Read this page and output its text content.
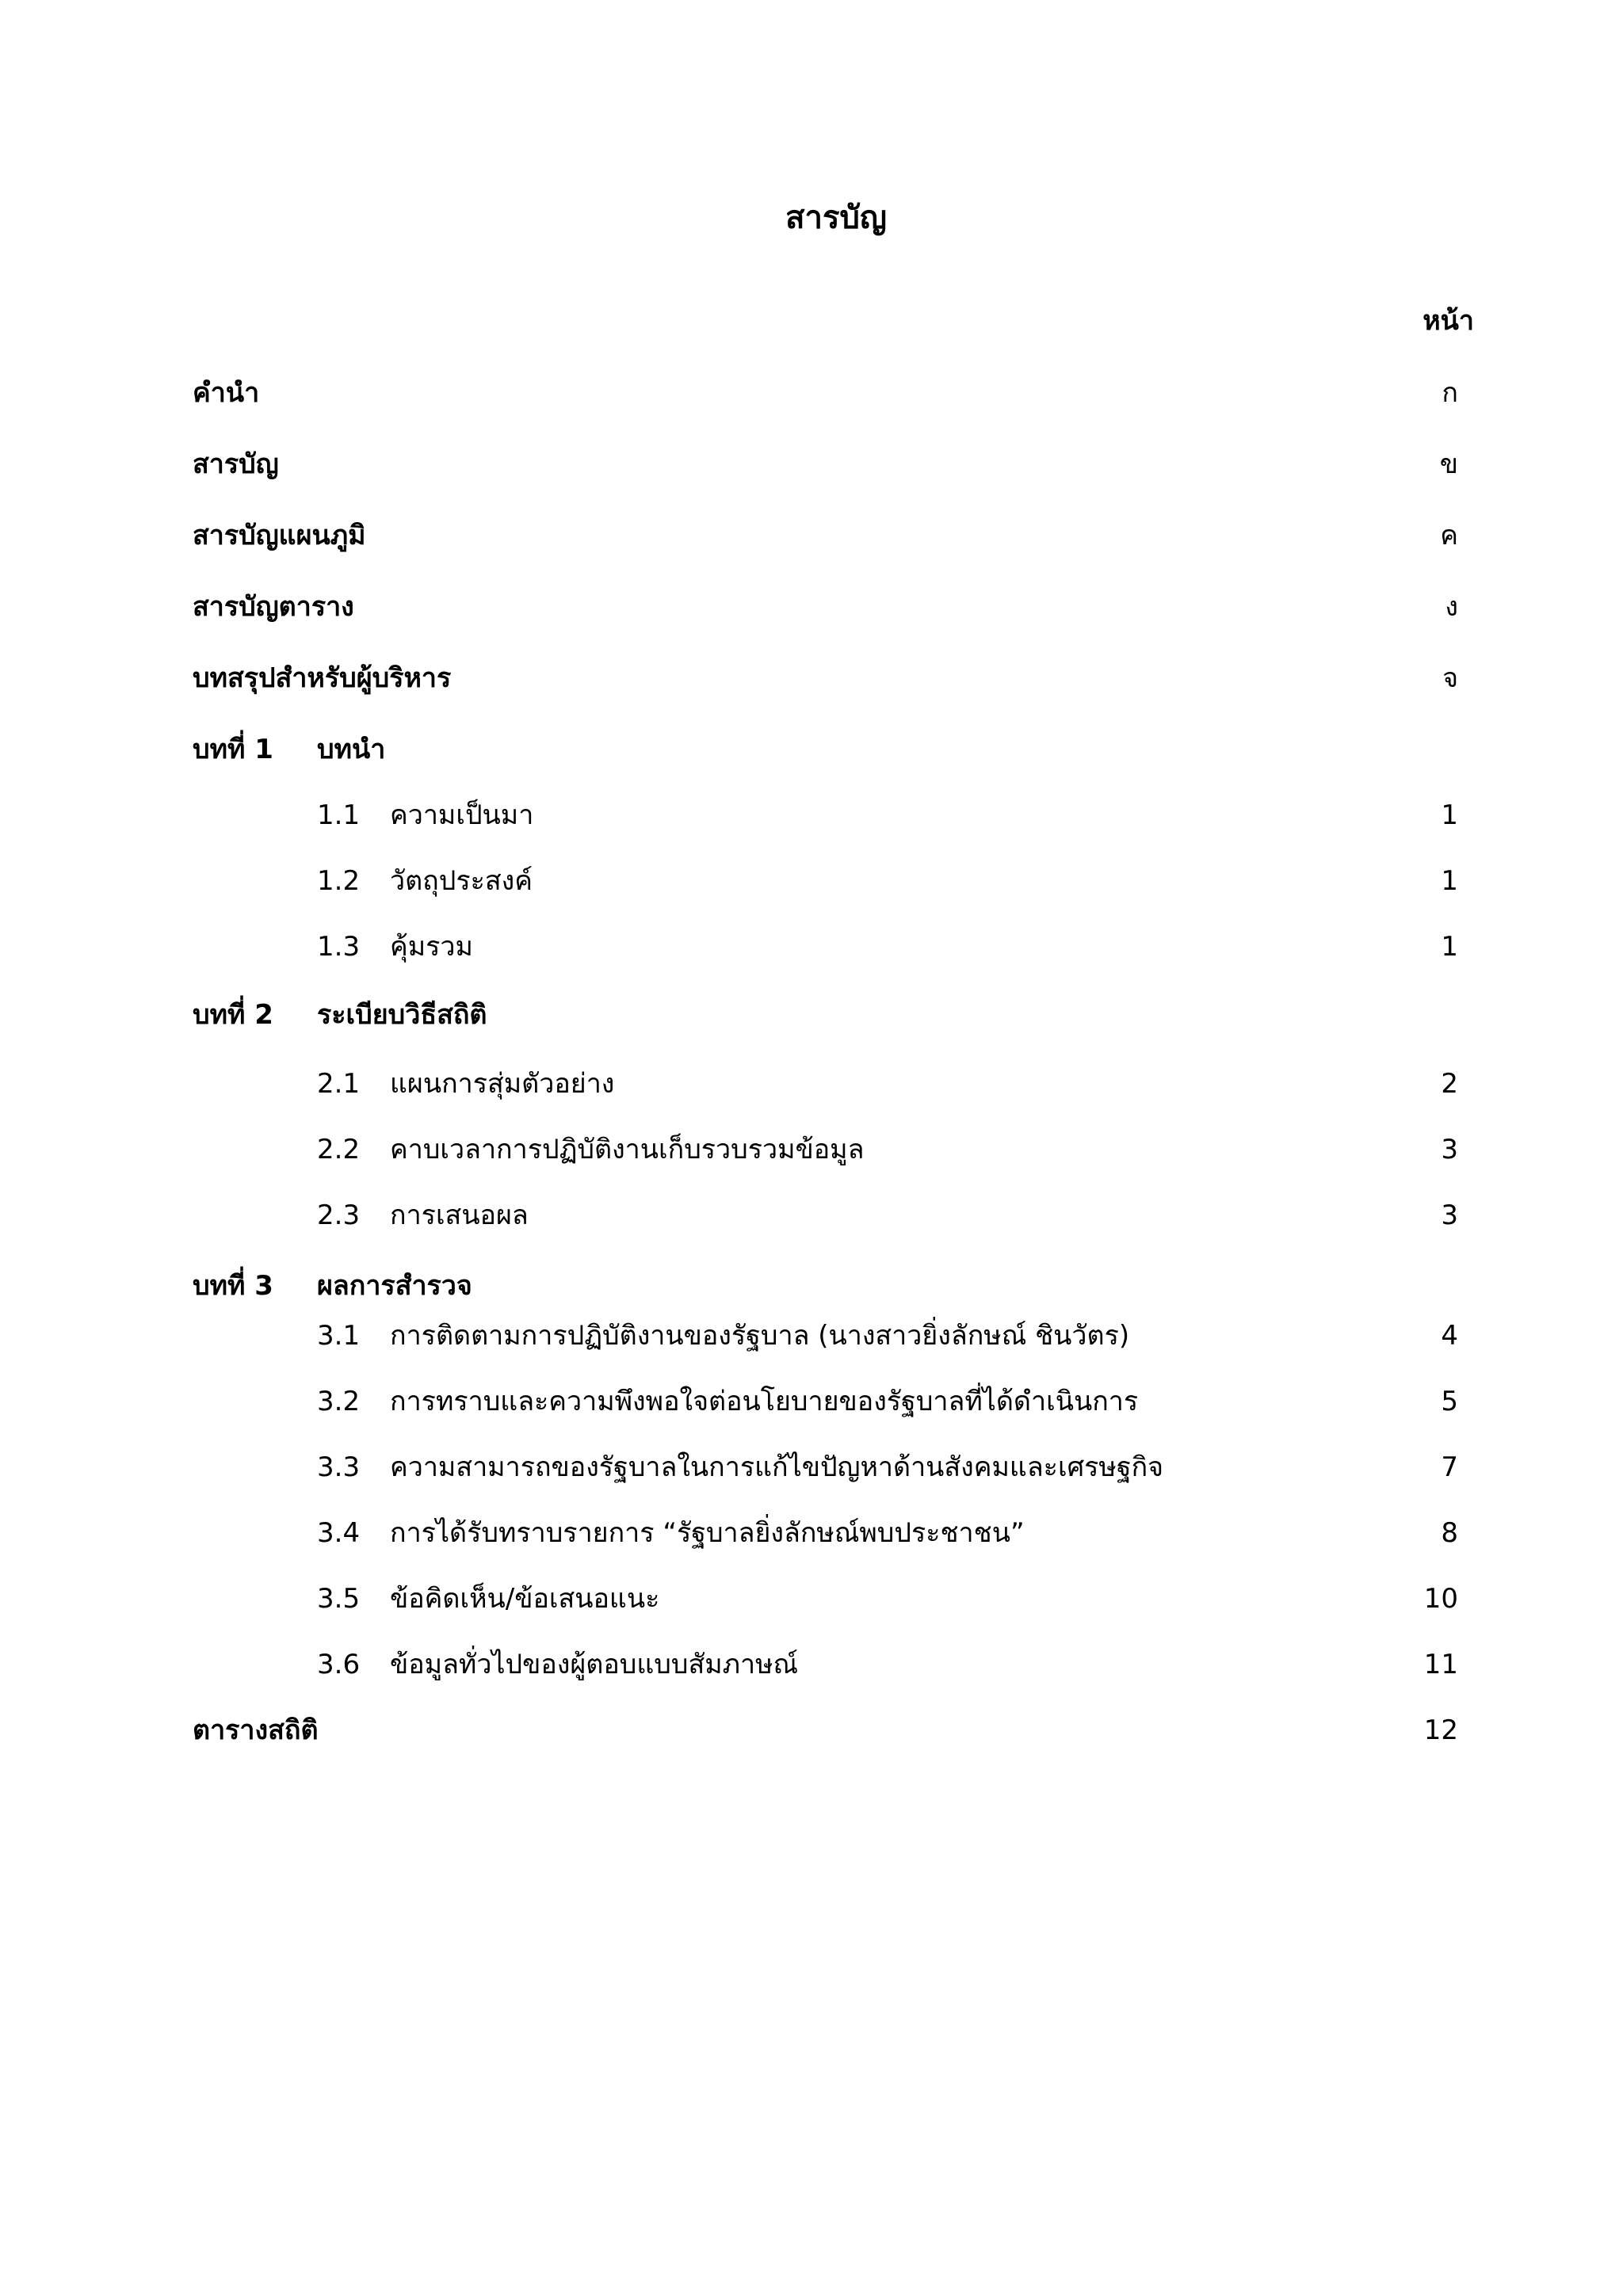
สารบัญ
หน้า
คำนำ	ก
สารบัญ	ข
สารบัญแผนภูมิ	ค
สารบัญตาราง	ง
บทสรุปสำหรับผู้บริหาร	จ
บทที่ 1 บทนำ
1.1 ความเป็นมา	1
1.2 วัตถุประสงค์	1
1.3 คุ้มรวม	1
บทที่ 2 ระเบียบวิธีสถิติ
2.1 แผนการสุ่มตัวอย่าง	2
2.2 คาบเวลาการปฏิบัติงานเก็บรวบรวมข้อมูล	3
2.3 การเสนอผล	3
บทที่ 3 ผลการสำรวจ
3.1 การติดตามการปฏิบัติงานของรัฐบาล (นางสาวยิ่งลักษณ์ ชินวัตร)	4
3.2 การทราบและความพึงพอใจต่อนโยบายของรัฐบาลที่ได้ดำเนินการ	5
3.3 ความสามารถของรัฐบาลในการแก้ไขปัญหาด้านสังคมและเศรษฐกิจ	7
3.4 การได้รับทราบรายการ “รัฐบาลยิ่งลักษณ์พบประชาชน”	8
3.5 ข้อคิดเห็น/ข้อเสนอแนะ	10
3.6 ข้อมูลทั่วไปของผู้ตอบแบบสัมภาษณ์	11
ตารางสถิติ	12
